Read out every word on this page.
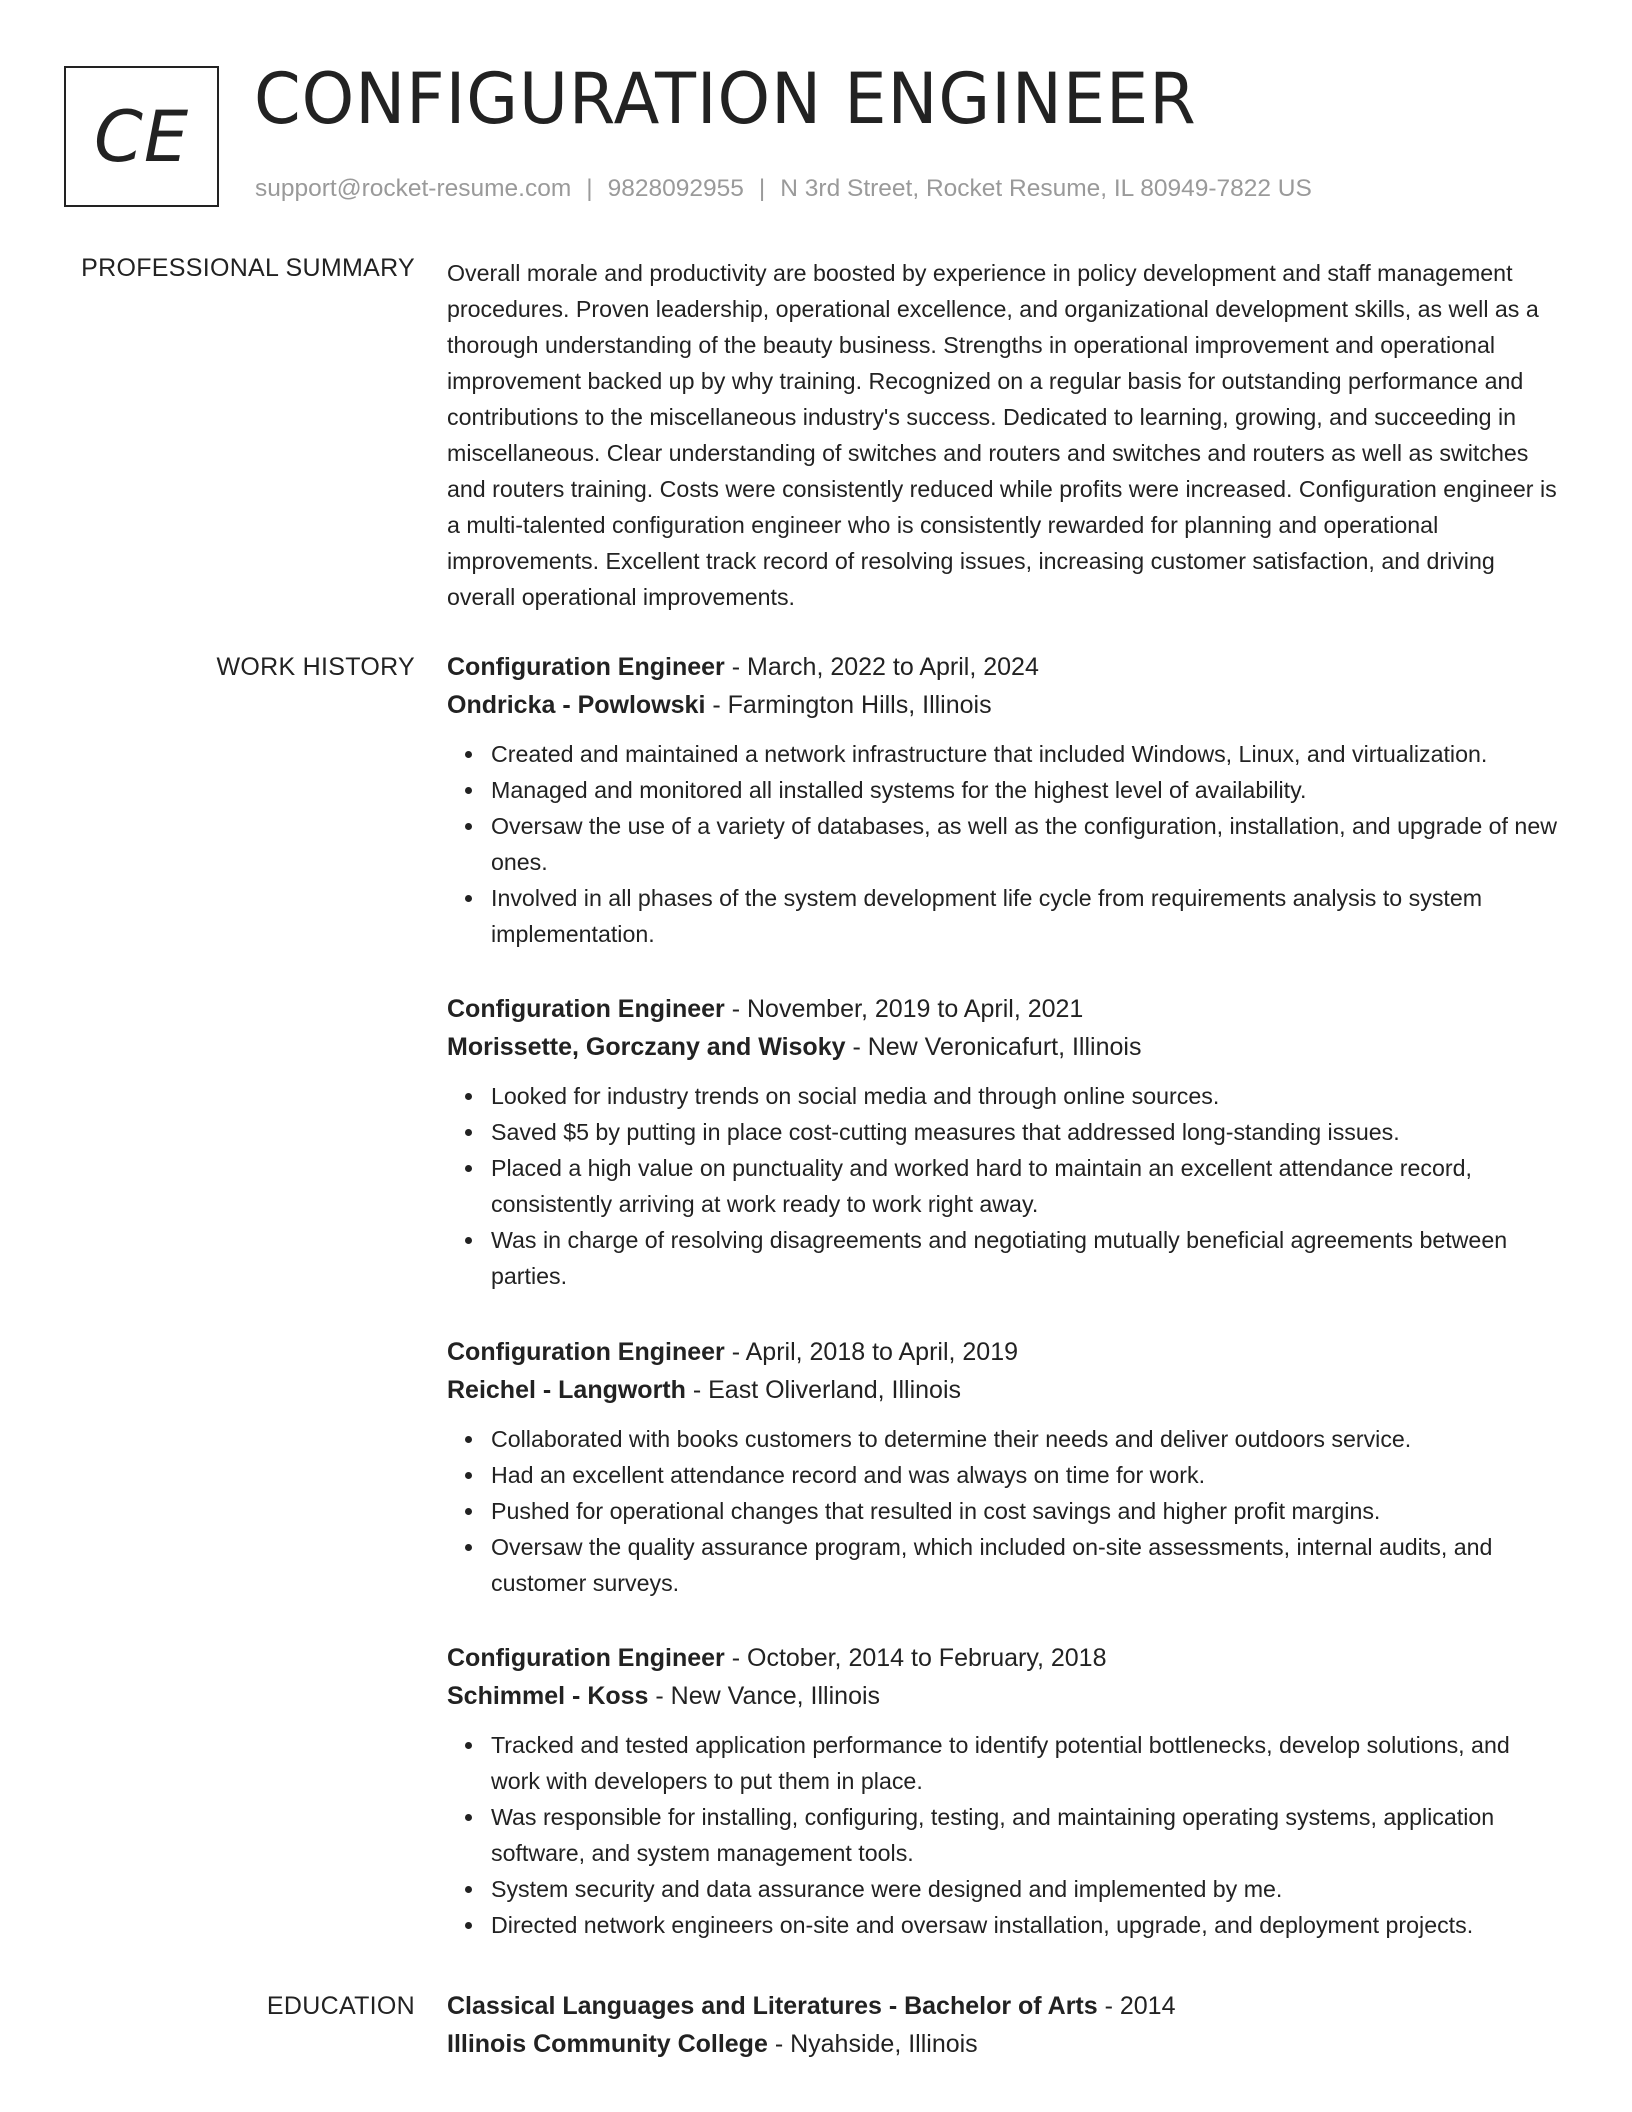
CE CONFIGURATION ENGINEER
support@rocket-resume.com | 9828092955 | N 3rd Street, Rocket Resume, IL 80949-7822 US
PROFESSIONAL SUMMARY Overall morale and productivity are boosted by experience in policy development and staff management procedures. Proven leadership, operational excellence, and organizational development skills, as well as a thorough understanding of the beauty business. Strengths in operational improvement and operational improvement backed up by why training. Recognized on a regular basis for outstanding performance and contributions to the miscellaneous industry's success. Dedicated to learning, growing, and succeeding in miscellaneous. Clear understanding of switches and routers and switches and routers as well as switches and routers training. Costs were consistently reduced while profits were increased. Configuration engineer is a multi-talented configuration engineer who is consistently rewarded for planning and operational improvements. Excellent track record of resolving issues, increasing customer satisfaction, and driving overall operational improvements.

WORK HISTORY Configuration Engineer - March, 2022 to April, 2024
Ondricka - Powlowski - Farmington Hills, Illinois
Created and maintained a network infrastructure that included Windows, Linux, and virtualization.
Managed and monitored all installed systems for the highest level of availability.
Oversaw the use of a variety of databases, as well as the configuration, installation, and upgrade of new ones.
Involved in all phases of the system development life cycle from requirements analysis to system implementation.
Configuration Engineer - November, 2019 to April, 2021
Morissette, Gorczany and Wisoky - New Veronicafurt, Illinois
Looked for industry trends on social media and through online sources.
Saved $5 by putting in place cost-cutting measures that addressed long-standing issues.
Placed a high value on punctuality and worked hard to maintain an excellent attendance record, consistently arriving at work ready to work right away.
Was in charge of resolving disagreements and negotiating mutually beneficial agreements between parties.
Configuration Engineer - April, 2018 to April, 2019
Reichel - Langworth - East Oliverland, Illinois
Collaborated with books customers to determine their needs and deliver outdoors service.
Had an excellent attendance record and was always on time for work.
Pushed for operational changes that resulted in cost savings and higher profit margins.
Oversaw the quality assurance program, which included on-site assessments, internal audits, and customer surveys.
Configuration Engineer - October, 2014 to February, 2018
Schimmel - Koss - New Vance, Illinois
Tracked and tested application performance to identify potential bottlenecks, develop solutions, and work with developers to put them in place.
Was responsible for installing, configuring, testing, and maintaining operating systems, application software, and system management tools.
System security and data assurance were designed and implemented by me.
Directed network engineers on-site and oversaw installation, upgrade, and deployment projects.
EDUCATION Classical Languages and Literatures - Bachelor of Arts - 2014
Illinois Community College - Nyahside, Illinois
